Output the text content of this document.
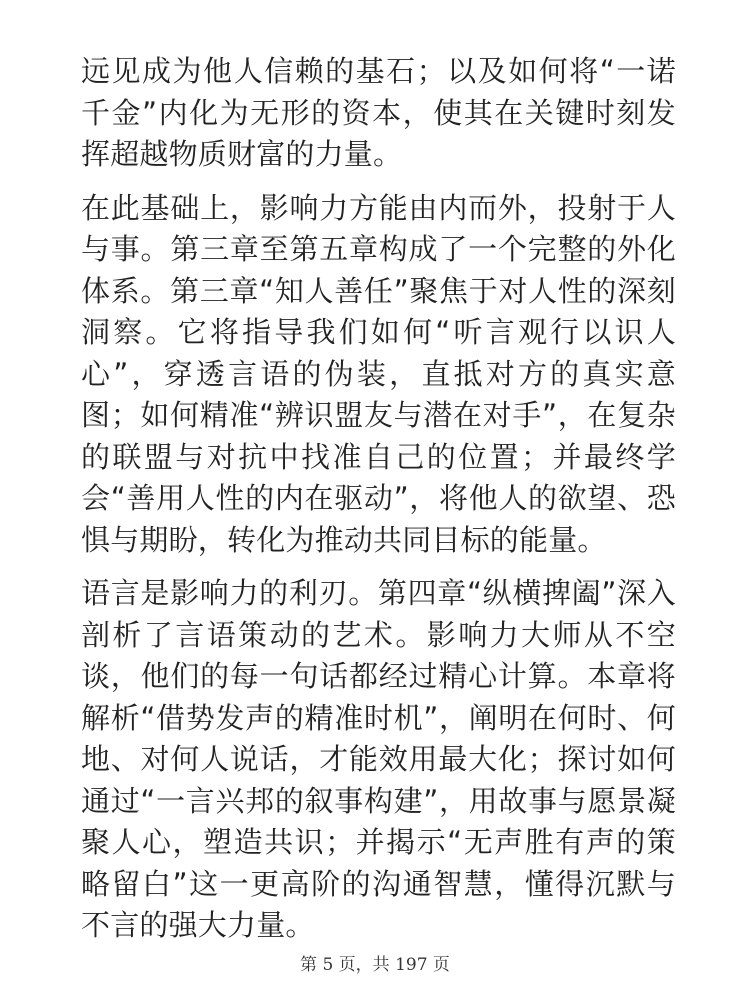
远见成为他人信赖的基石；以及如何将“一诺千金”内化为无形的资本，使其在关键时刻发挥超越物质财富的力量。

在此基础上，影响力方能由内而外，投射于人与事。第三章至第五章构成了一个完整的外化体系。第三章“知人善任”聚焦于对人性的深刻洞察。它将指导我们如何“听言观行以识人心”，穿透言语的伪装，直抵对方的真实意图；如何精准“辨识盟友与潜在对手”，在复杂的联盟与对抗中找准自己的位置；并最终学会“善用人性的内在驱动”，将他人的欲望、恐惧与期盼，转化为推动共同目标的能量。

语言是影响力的利刃。第四章“纵横捭阖”深入剖析了言语策动的艺术。影响力大师从不空谈，他们的每一句话都经过精心计算。本章将解析“借势发声的精准时机”，阐明在何时、何地、对何人说话，才能效用最大化；探讨如何通过“一言兴邦的叙事构建”，用故事与愿景凝聚人心，塑造共识；并揭示“无声胜有声的策略留白”这一更高阶的沟通智慧，懂得沉默与不言的强大力量。

第 5 页，共 197 页
